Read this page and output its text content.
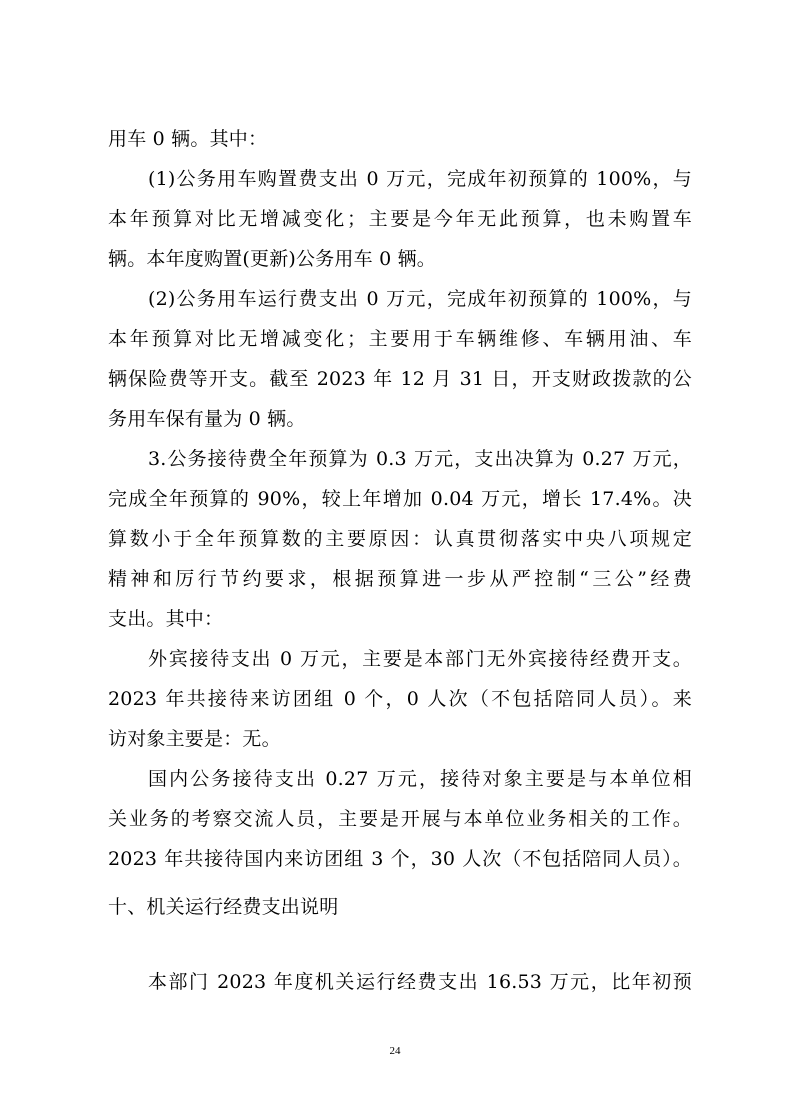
用车 0 辆。其中：
(1)公务用车购置费支出 0 万元，完成年初预算的 100%，与
本年预算对比无增减变化；主要是今年无此预算，也未购置车
辆。本年度购置(更新)公务用车 0 辆。
(2)公务用车运行费支出 0 万元，完成年初预算的 100%，与
本年预算对比无增减变化；主要用于车辆维修、车辆用油、车
辆保险费等开支。截至 2023 年 12 月 31 日，开支财政拨款的公
务用车保有量为 0 辆。
3.公务接待费全年预算为 0.3 万元，支出决算为 0.27 万元，
完成全年预算的 90%，较上年增加 0.04 万元，增长 17.4%。决
算数小于全年预算数的主要原因：认真贯彻落实中央八项规定
精神和厉行节约要求，根据预算进一步从严控制“三公”经费
支出。其中：
外宾接待支出 0 万元，主要是本部门无外宾接待经费开支。
2023 年共接待来访团组 0 个，0 人次（不包括陪同人员）。来
访对象主要是：无。
国内公务接待支出 0.27 万元，接待对象主要是与本单位相
关业务的考察交流人员，主要是开展与本单位业务相关的工作。
2023 年共接待国内来访团组 3 个，30 人次（不包括陪同人员）。
十、机关运行经费支出说明
本部门 2023 年度机关运行经费支出 16.53 万元，比年初预
24
